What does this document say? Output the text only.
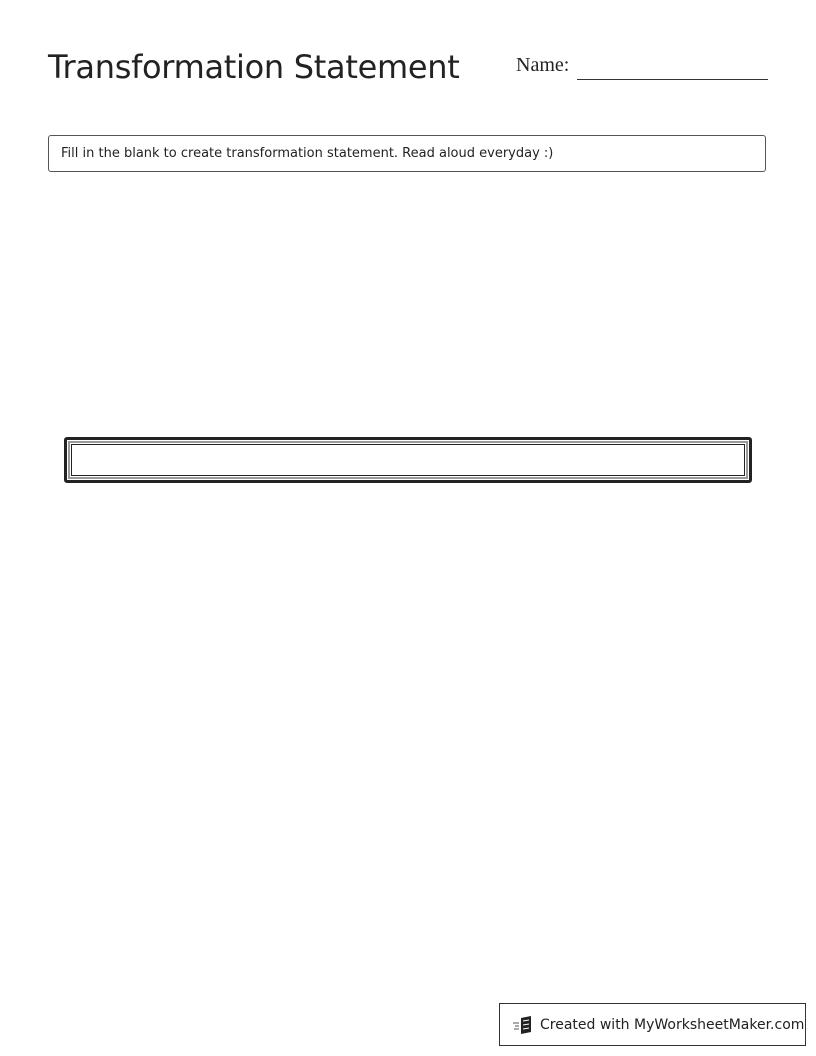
Transformation Statement	Name:
Fill in the blank to create transformation statement. Read aloud everyday :)
Created with MyWorksheetMaker.com
